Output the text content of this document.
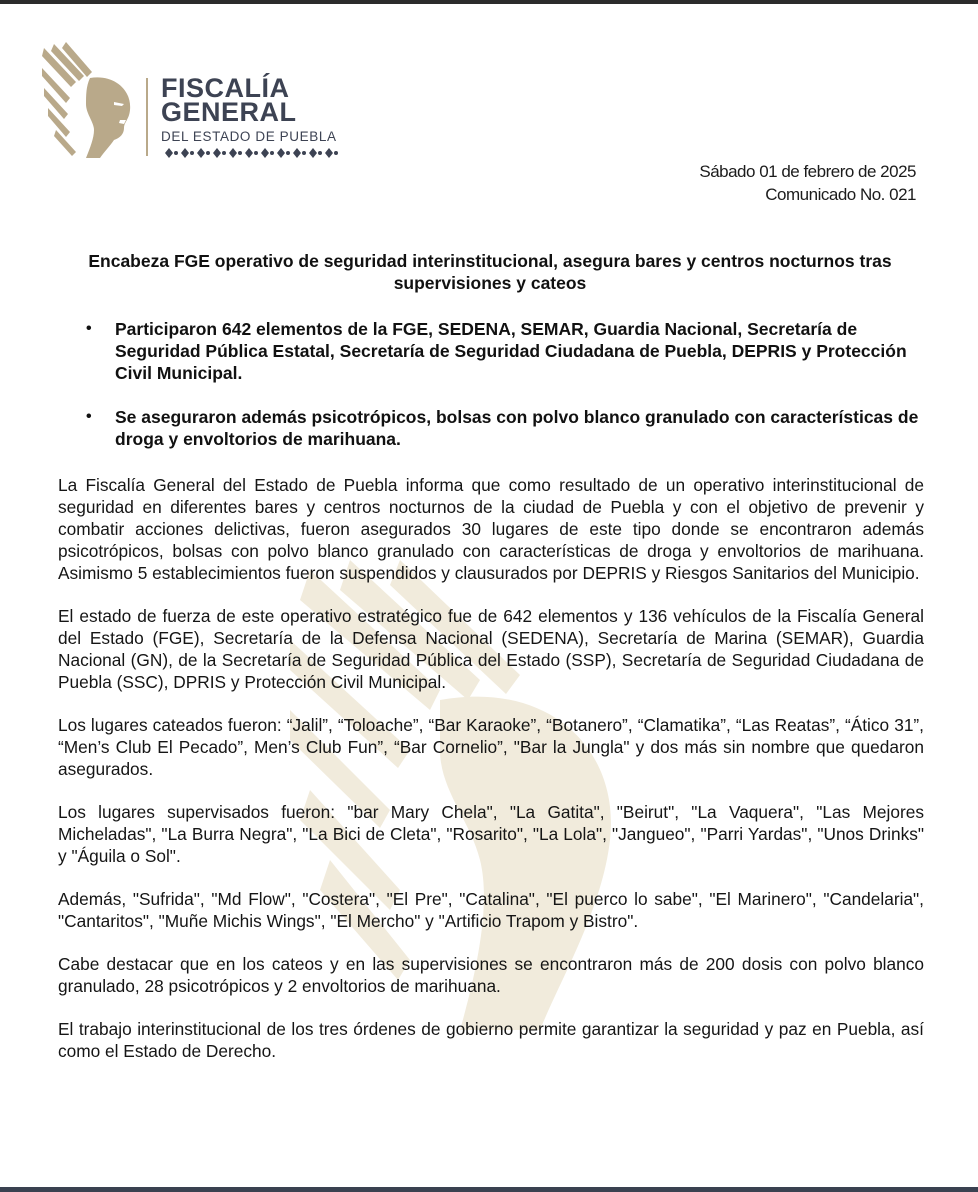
FISCALÍA
GENERAL
DEL ESTADO DE PUEBLA
Sábado 01 de febrero de 2025
Comunicado No. 021
Encabeza FGE operativo de seguridad interinstitucional, asegura bares y centros nocturnos tras supervisiones y cateos
• Participaron 642 elementos de la FGE, SEDENA, SEMAR, Guardia Nacional, Secretaría de Seguridad Pública Estatal, Secretaría de Seguridad Ciudadana de Puebla, DEPRIS y Protección Civil Municipal.
• Se aseguraron además psicotrópicos, bolsas con polvo blanco granulado con características de droga y envoltorios de marihuana.

La Fiscalía General del Estado de Puebla informa que como resultado de un operativo interinstitucional de seguridad en diferentes bares y centros nocturnos de la ciudad de Puebla y con el objetivo de prevenir y combatir acciones delictivas, fueron asegurados 30 lugares de este tipo donde se encontraron además psicotrópicos, bolsas con polvo blanco granulado con características de droga y envoltorios de marihuana. Asimismo 5 establecimientos fueron suspendidos y clausurados por DEPRIS y Riesgos Sanitarios del Municipio.

El estado de fuerza de este operativo estratégico fue de 642 elementos y 136 vehículos de la Fiscalía General del Estado (FGE), Secretaría de la Defensa Nacional (SEDENA), Secretaría de Marina (SEMAR), Guardia Nacional (GN), de la Secretaría de Seguridad Pública del Estado (SSP), Secretaría de Seguridad Ciudadana de Puebla (SSC), DPRIS y Protección Civil Municipal.

Los lugares cateados fueron: “Jalil”, “Toloache”, “Bar Karaoke”, “Botanero”, “Clamatika”, “Las Reatas”, “Ático 31”, “Men’s Club El Pecado”, Men’s Club Fun”, “Bar Cornelio”, "Bar la Jungla" y dos más sin nombre que quedaron asegurados.

Los lugares supervisados fueron: "bar Mary Chela", "La Gatita", "Beirut", "La Vaquera", "Las Mejores Micheladas", "La Burra Negra", "La Bici de Cleta", "Rosarito", "La Lola", "Jangueo", "Parri Yardas", "Unos Drinks" y "Águila o Sol".

Además, "Sufrida", "Md Flow", "Costera", "El Pre", "Catalina", "El puerco lo sabe", "El Marinero", "Candelaria", "Cantaritos", "Muñe Michis Wings", "El Mercho" y "Artificio Trapom y Bistro".

Cabe destacar que en los cateos y en las supervisiones se encontraron más de 200 dosis con polvo blanco granulado, 28 psicotrópicos y 2 envoltorios de marihuana.

El trabajo interinstitucional de los tres órdenes de gobierno permite garantizar la seguridad y paz en Puebla, así como el Estado de Derecho.
